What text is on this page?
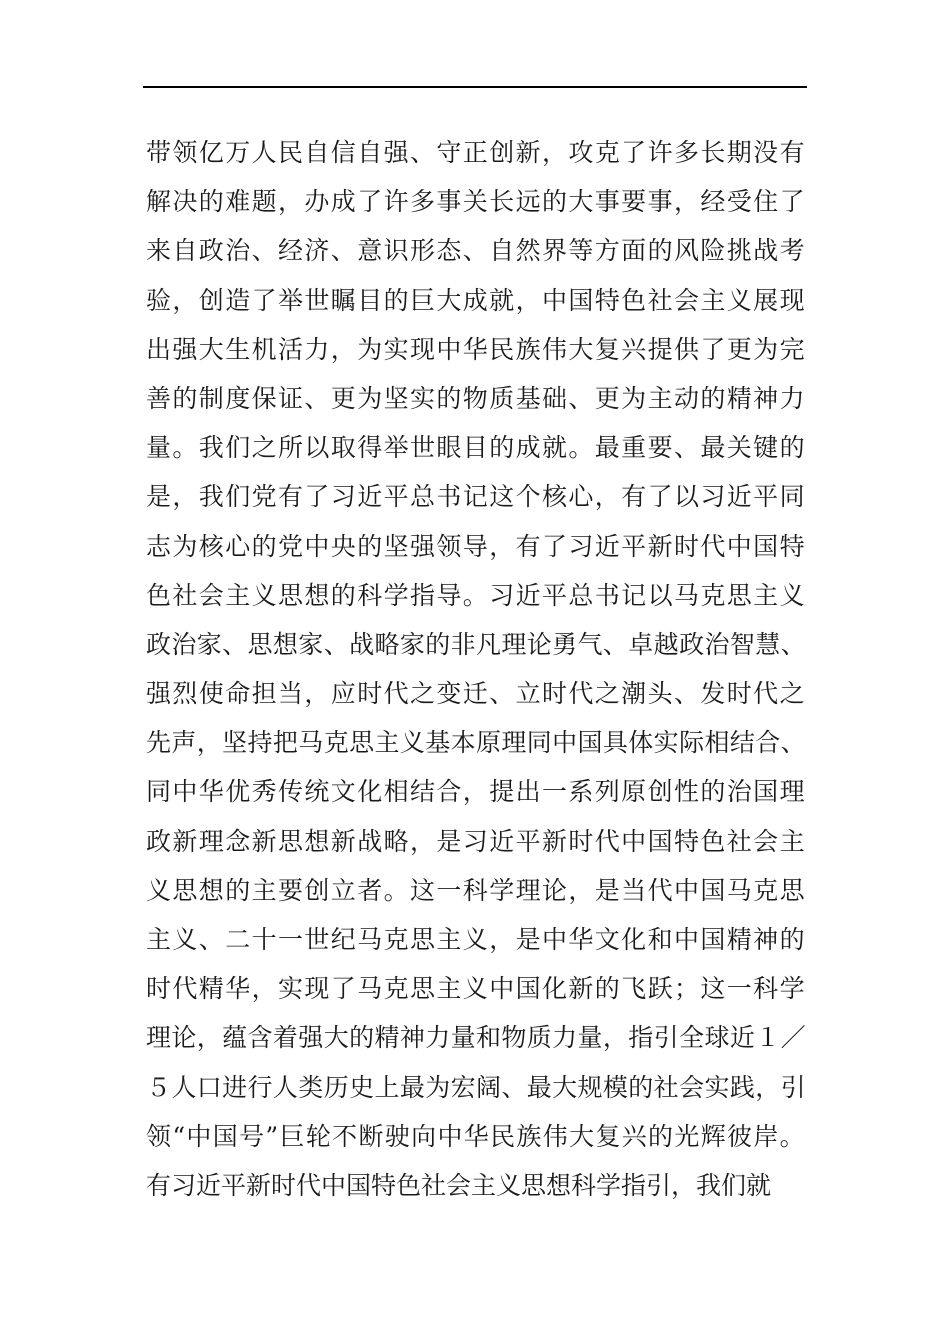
带领亿万人民自信自强、守正创新，攻克了许多长期没有
解决的难题，办成了许多事关长远的大事要事，经受住了
来自政治、经济、意识形态、自然界等方面的风险挑战考
验，创造了举世瞩目的巨大成就，中国特色社会主义展现
出强大生机活力，为实现中华民族伟大复兴提供了更为完
善的制度保证、更为坚实的物质基础、更为主动的精神力
量。我们之所以取得举世眼目的成就。最重要、最关键的
是，我们党有了习近平总书记这个核心，有了以习近平同
志为核心的党中央的坚强领导，有了习近平新时代中国特
色社会主义思想的科学指导。习近平总书记以马克思主义
政治家、思想家、战略家的非凡理论勇气、卓越政治智慧、
强烈使命担当，应时代之变迁、立时代之潮头、发时代之
先声，坚持把马克思主义基本原理同中国具体实际相结合、
同中华优秀传统文化相结合，提出一系列原创性的治国理
政新理念新思想新战略，是习近平新时代中国特色社会主
义思想的主要创立者。这一科学理论，是当代中国马克思
主义、二十一世纪马克思主义，是中华文化和中国精神的
时代精华，实现了马克思主义中国化新的飞跃；这一科学
理论，蕴含着强大的精神力量和物质力量，指引全球近１／
５人口进行人类历史上最为宏阔、最大规模的社会实践，引
领“中国号”巨轮不断驶向中华民族伟大复兴的光辉彼岸。
有习近平新时代中国特色社会主义思想科学指引，我们就
